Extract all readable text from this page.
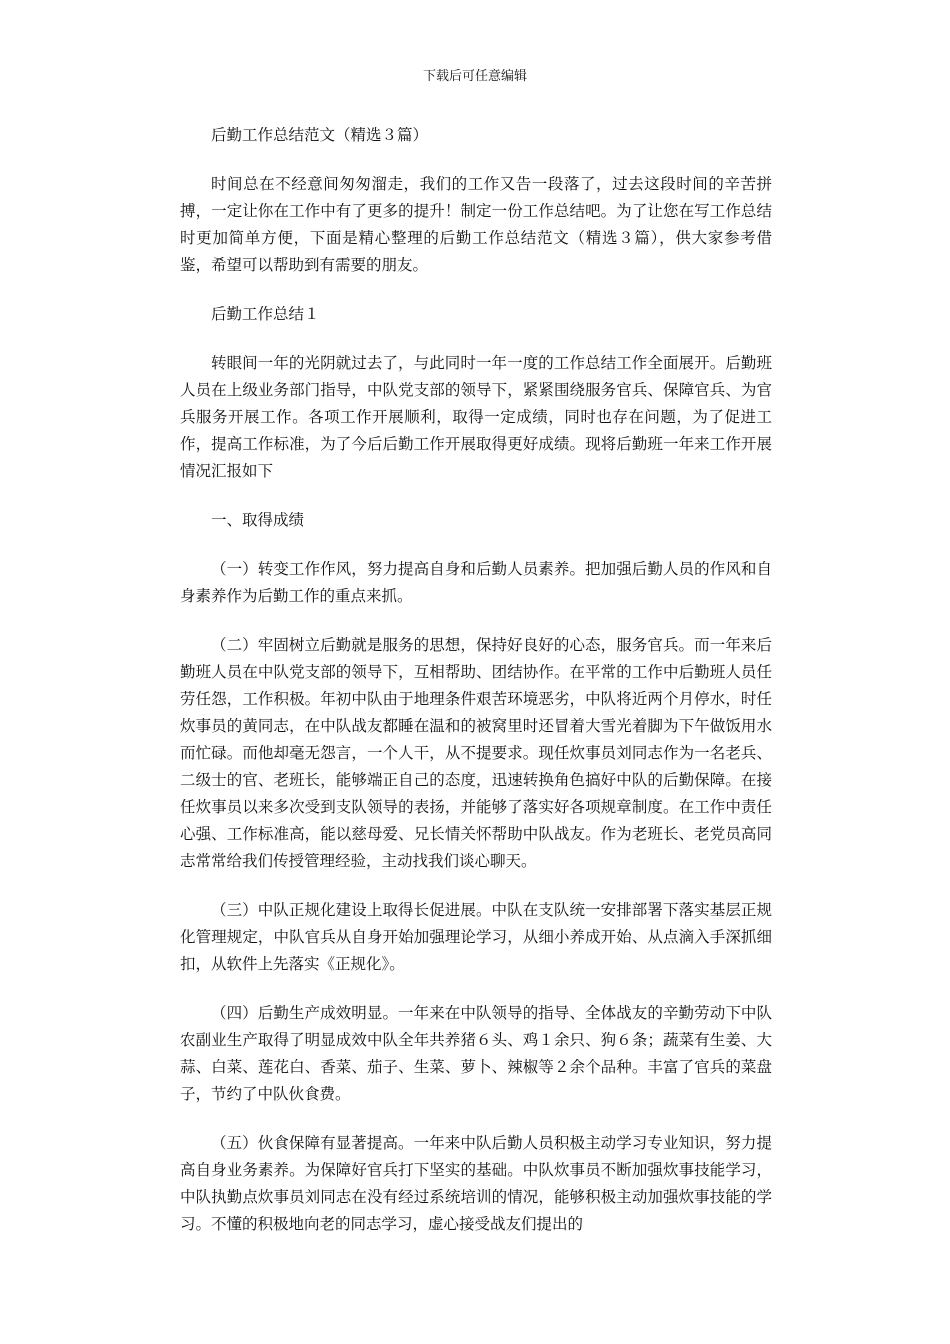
下载后可任意编辑

后勤工作总结范文（精选３篇）

时间总在不经意间匆匆溜走，我们的工作又告一段落了，过去这段时间的辛苦拼搏，一定让你在工作中有了更多的提升！制定一份工作总结吧。为了让您在写工作总结时更加简单方便，下面是精心整理的后勤工作总结范文（精选３篇），供大家参考借鉴，希望可以帮助到有需要的朋友。

后勤工作总结１

转眼间一年的光阴就过去了，与此同时一年一度的工作总结工作全面展开。后勤班人员在上级业务部门指导，中队党支部的领导下，紧紧围绕服务官兵、保障官兵、为官兵服务开展工作。各项工作开展顺利，取得一定成绩，同时也存在问题，为了促进工作，提高工作标准，为了今后后勤工作开展取得更好成绩。现将后勤班一年来工作开展情况汇报如下

一、取得成绩

（一）转变工作作风，努力提高自身和后勤人员素养。把加强后勤人员的作风和自身素养作为后勤工作的重点来抓。

（二）牢固树立后勤就是服务的思想，保持好良好的心态，服务官兵。而一年来后勤班人员在中队党支部的领导下，互相帮助、团结协作。在平常的工作中后勤班人员任劳任怨，工作积极。年初中队由于地理条件艰苦环境恶劣，中队将近两个月停水，时任炊事员的黄同志，在中队战友都睡在温和的被窝里时还冒着大雪光着脚为下午做饭用水而忙碌。而他却毫无怨言，一个人干，从不提要求。现任炊事员刘同志作为一名老兵、二级士的官、老班长，能够端正自己的态度，迅速转换角色搞好中队的后勤保障。在接任炊事员以来多次受到支队领导的表扬，并能够了落实好各项规章制度。在工作中责任心强、工作标准高，能以慈母爱、兄长情关怀帮助中队战友。作为老班长、老党员高同志常常给我们传授管理经验，主动找我们谈心聊天。

（三）中队正规化建设上取得长促进展。中队在支队统一安排部署下落实基层正规化管理规定，中队官兵从自身开始加强理论学习，从细小养成开始、从点滴入手深抓细扣，从软件上先落实《正规化》。

（四）后勤生产成效明显。一年来在中队领导的指导、全体战友的辛勤劳动下中队农副业生产取得了明显成效中队全年共养猪６头、鸡１余只、狗６条；蔬菜有生姜、大蒜、白菜、莲花白、香菜、茄子、生菜、萝卜、辣椒等２余个品种。丰富了官兵的菜盘子，节约了中队伙食费。

（五）伙食保障有显著提高。一年来中队后勤人员积极主动学习专业知识，努力提高自身业务素养。为保障好官兵打下坚实的基础。中队炊事员不断加强炊事技能学习，中队执勤点炊事员刘同志在没有经过系统培训的情况，能够积极主动加强炊事技能的学习。不懂的积极地向老的同志学习，虚心接受战友们提出的
